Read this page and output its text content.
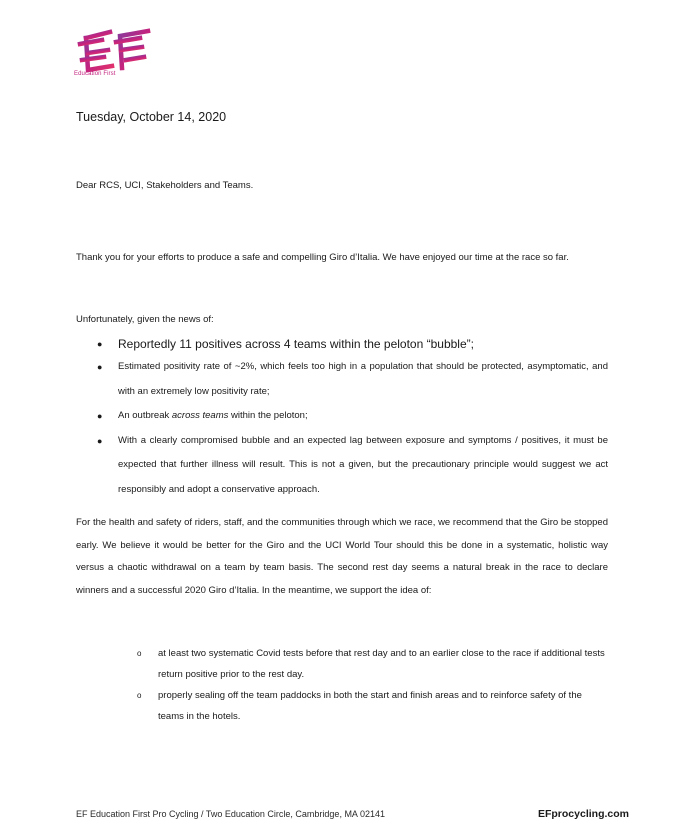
Education First
Tuesday, October 14, 2020
Dear RCS, UCI, Stakeholders and Teams.
Thank you for your efforts to produce a safe and compelling Giro d’Italia. We have enjoyed our time at the race so far.
Unfortunately, given the news of:
● Reportedly 11 positives across 4 teams within the peloton “bubble”;
● Estimated positivity rate of ~2%, which feels too high in a population that should be protected, asymptomatic, and with an extremely low positivity rate;
● An outbreak across teams within the peloton;
● With a clearly compromised bubble and an expected lag between exposure and symptoms / positives, it must be expected that further illness will result. This is not a given, but the precautionary principle would suggest we act responsibly and adopt a conservative approach.
For the health and safety of riders, staff, and the communities through which we race, we recommend that the Giro be stopped early. We believe it would be better for the Giro and the UCI World Tour should this be done in a systematic, holistic way versus a chaotic withdrawal on a team by team basis. The second rest day seems a natural break in the race to declare winners and a successful 2020 Giro d’Italia. In the meantime, we support the idea of:
o at least two systematic Covid tests before that rest day and to an earlier close to the race if additional tests return positive prior to the rest day.
o properly sealing off the team paddocks in both the start and finish areas and to reinforce safety of the teams in the hotels.
EF Education First Pro Cycling / Two Education Circle, Cambridge, MA 02141	EFprocycling.com
